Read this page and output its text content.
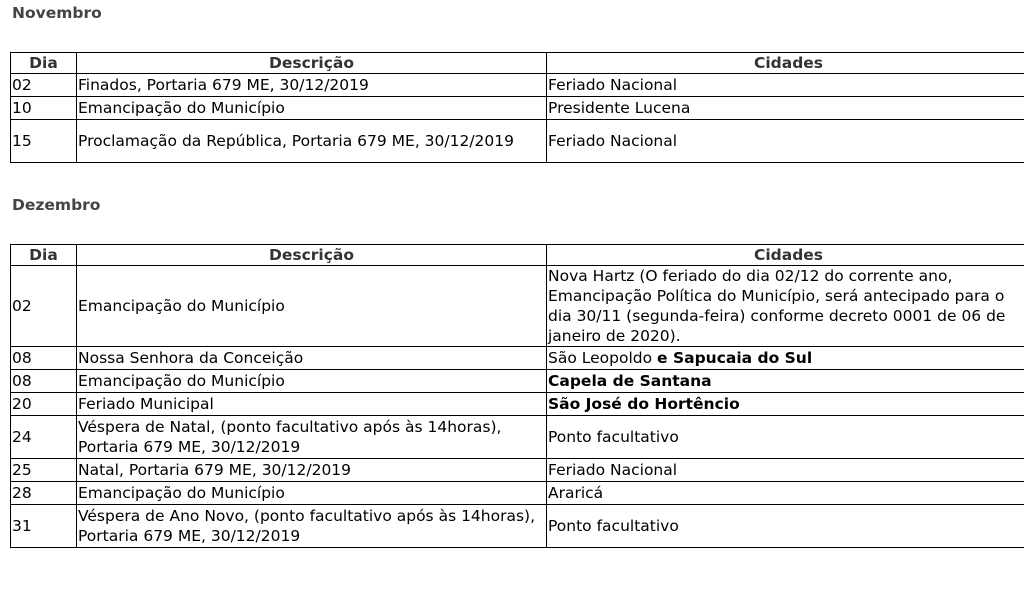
Novembro
Dia	Descrição	Cidades
02	Finados, Portaria 679 ME, 30/12/2019	Feriado Nacional
10	Emancipação do Município	Presidente Lucena
15	Proclamação da República, Portaria 679 ME, 30/12/2019	Feriado Nacional
Dezembro
Dia	Descrição	Cidades
02	Emancipação do Município	Nova Hartz (O feriado do dia 02/12 do corrente ano, Emancipação Política do Município, será antecipado para o dia 30/11 (segunda-feira) conforme decreto 0001 de 06 de janeiro de 2020).
08	Nossa Senhora da Conceição	São Leopoldo e Sapucaia do Sul
08	Emancipação do Município	Capela de Santana
20	Feriado Municipal	São José do Hortêncio
24	Véspera de Natal, (ponto facultativo após às 14horas), Portaria 679 ME, 30/12/2019	Ponto facultativo
25	Natal, Portaria 679 ME, 30/12/2019	Feriado Nacional
28	Emancipação do Município	Araricá
31	Véspera de Ano Novo, (ponto facultativo após às 14horas), Portaria 679 ME, 30/12/2019	Ponto facultativo
